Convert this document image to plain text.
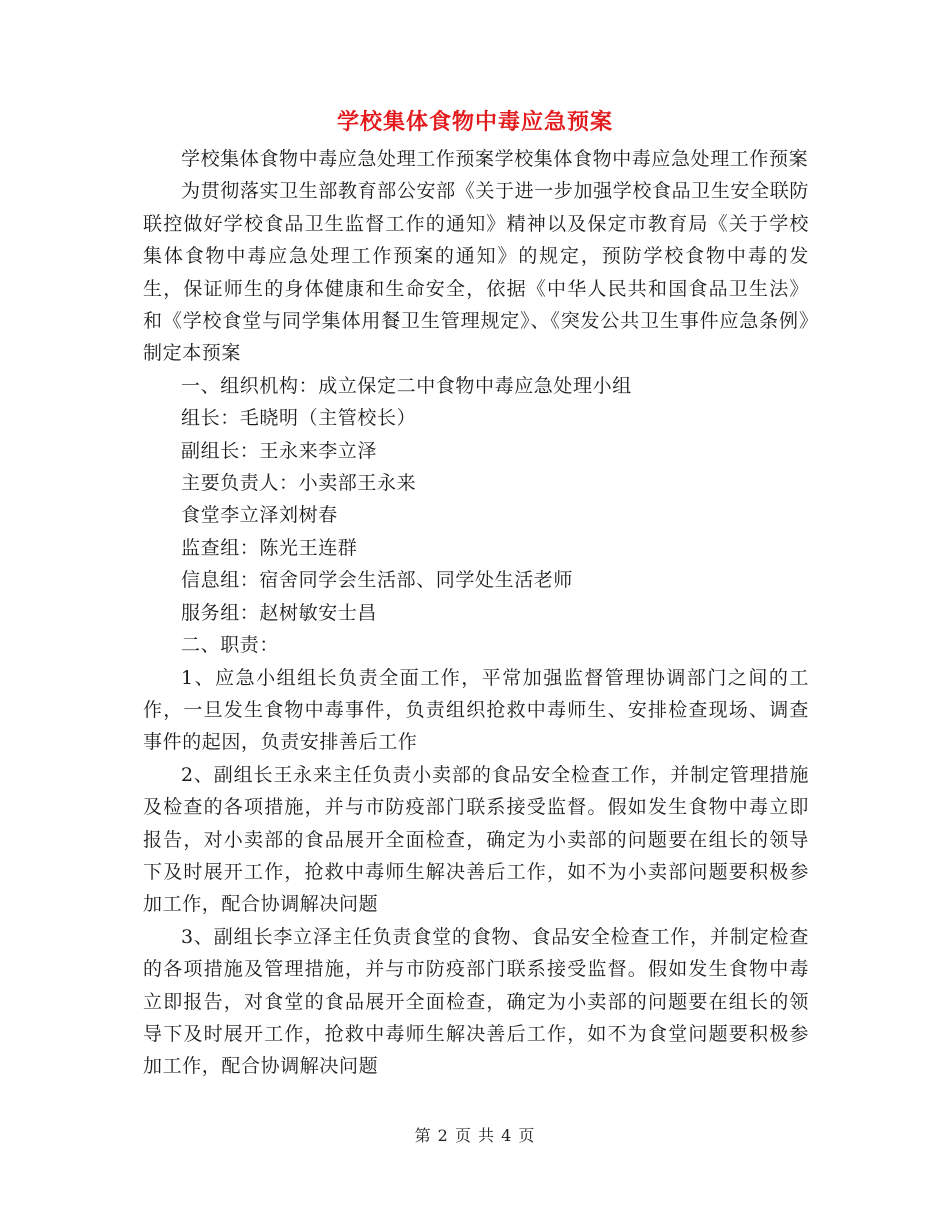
学校集体食物中毒应急预案

学校集体食物中毒应急处理工作预案学校集体食物中毒应急处理工作预案

为贯彻落实卫生部教育部公安部《关于进一步加强学校食品卫生安全联防联控做好学校食品卫生监督工作的通知》精神以及保定市教育局《关于学校集体食物中毒应急处理工作预案的通知》的规定，预防学校食物中毒的发生，保证师生的身体健康和生命安全，依据《中华人民共和国食品卫生法》和《学校食堂与同学集体用餐卫生管理规定》、《突发公共卫生事件应急条例》制定本预案

一、组织机构：成立保定二中食物中毒应急处理小组

组长：毛晓明（主管校长）

副组长：王永来李立泽

主要负责人：小卖部王永来

食堂李立泽刘树春

监查组：陈光王连群

信息组：宿舍同学会生活部、同学处生活老师

服务组：赵树敏安士昌

二、职责：

1、应急小组组长负责全面工作，平常加强监督管理协调部门之间的工作，一旦发生食物中毒事件，负责组织抢救中毒师生、安排检查现场、调查事件的起因，负责安排善后工作

2、副组长王永来主任负责小卖部的食品安全检查工作，并制定管理措施及检查的各项措施，并与市防疫部门联系接受监督。假如发生食物中毒立即报告，对小卖部的食品展开全面检查，确定为小卖部的问题要在组长的领导下及时展开工作，抢救中毒师生解决善后工作，如不为小卖部问题要积极参加工作，配合协调解决问题

3、副组长李立泽主任负责食堂的食物、食品安全检查工作，并制定检查的各项措施及管理措施，并与市防疫部门联系接受监督。假如发生食物中毒立即报告，对食堂的食品展开全面检查，确定为小卖部的问题要在组长的领导下及时展开工作，抢救中毒师生解决善后工作，如不为食堂问题要积极参加工作，配合协调解决问题

第 2 页 共 4 页
